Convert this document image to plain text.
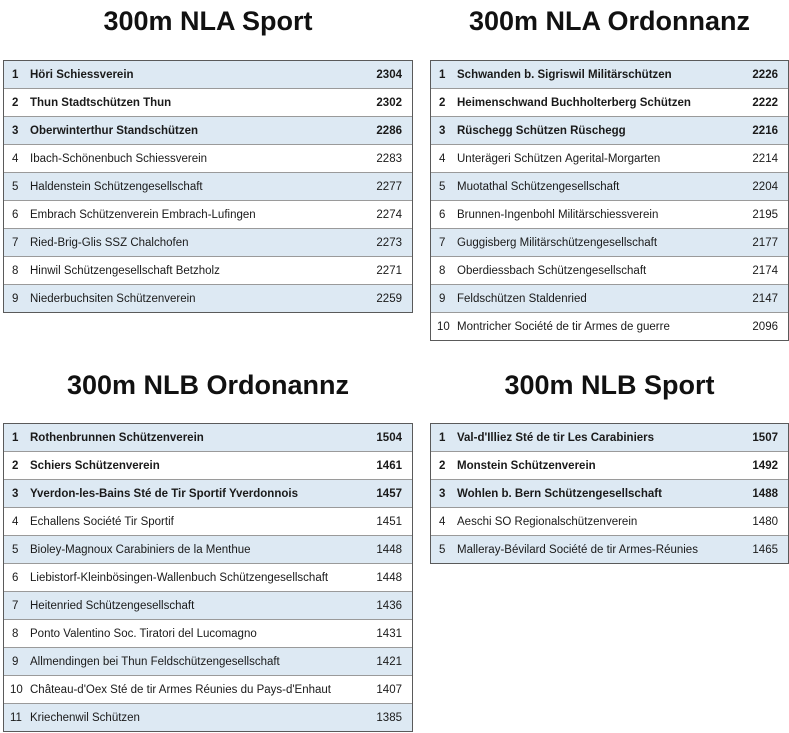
300m NLA Sport
1	Höri Schiessverein	2304
2	Thun Stadtschützen Thun	2302
3	Oberwinterthur Standschützen	2286
4	Ibach-Schönenbuch Schiessverein	2283
5	Haldenstein Schützengesellschaft	2277
6	Embrach Schützenverein Embrach-Lufingen	2274
7	Ried-Brig-Glis SSZ Chalchofen	2273
8	Hinwil Schützengesellschaft Betzholz	2271
9	Niederbuchsiten Schützenverein	2259
300m NLA Ordonnanz
1	Schwanden b. Sigriswil Militärschützen	2226
2	Heimenschwand Buchholterberg Schützen	2222
3	Rüschegg Schützen Rüschegg	2216
4	Unterägeri Schützen Ägerital-Morgarten	2214
5	Muotathal Schützengesellschaft	2204
6	Brunnen-Ingenbohl Militärschiessverein	2195
7	Guggisberg Militärschützengesellschaft	2177
8	Oberdiessbach Schützengesellschaft	2174
9	Feldschützen Staldenried	2147
10 Montricher Société de tir Armes de guerre	2096
300m NLB Ordonannz
1	Rothenbrunnen Schützenverein	1504
2	Schiers Schützenverein	1461
3	Yverdon-les-Bains Sté de Tir Sportif Yverdonnois	1457
4	Echallens Société Tir Sportif	1451
5	Bioley-Magnoux Carabiniers de la Menthue	1448
6	Liebistorf-Kleinbösingen-Wallenbuch Schützengesellschaft	1448
7	Heitenried Schützengesellschaft	1436
8	Ponto Valentino Soc. Tiratori del Lucomagno	1431
9	Allmendingen bei Thun Feldschützengesellschaft	1421
10 Château-d'Oex Sté de tir Armes Réunies du Pays-d'Enhaut	1407
11 Kriechenwil Schützen	1385
300m NLB Sport
1	Val-d'Illiez Sté de tir Les Carabiniers	1507
2	Monstein Schützenverein	1492
3	Wohlen b. Bern Schützengesellschaft	1488
4	Aeschi SO Regionalschützenverein	1480
5	Malleray-Bévilard Société de tir Armes-Réunies	1465
